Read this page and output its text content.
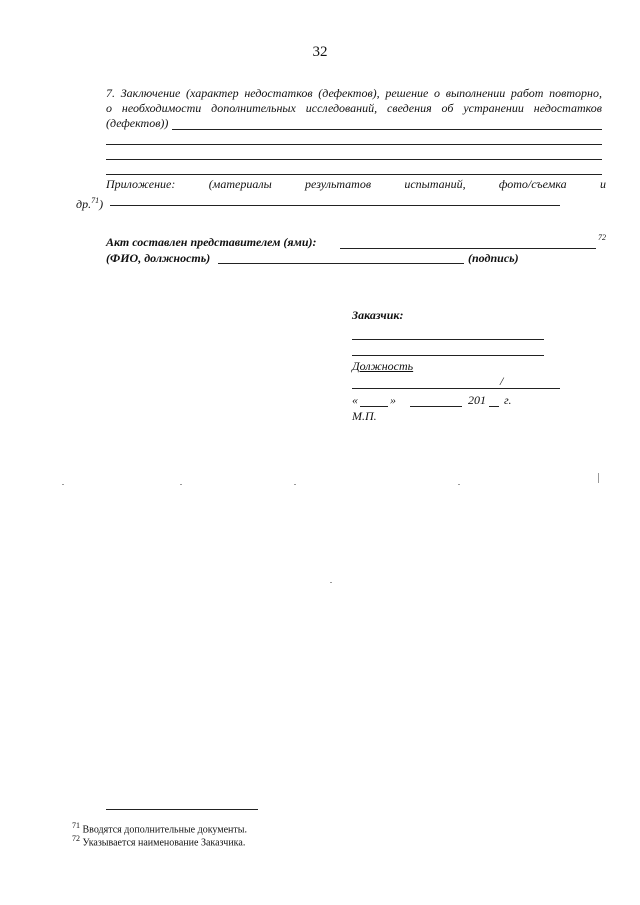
32
7. Заключение (характер недостатков (дефектов), решение о выполнении работ повторно,
о необходимости дополнительных исследований, сведения об устранении недостатков
(дефектов))
Приложение:	(материалы	результатов	испытаний,	фото/съемка	и
др.$^{71}$)
Акт составлен представителем (ями):	72
(ФИО, должность)	(подпись)
Заказчик:
Должность
/
«	»	201 г.
М.П.
$^{71}$ Вводятся дополнительные документы.
$^{72}$ Указывается наименование Заказчика.
